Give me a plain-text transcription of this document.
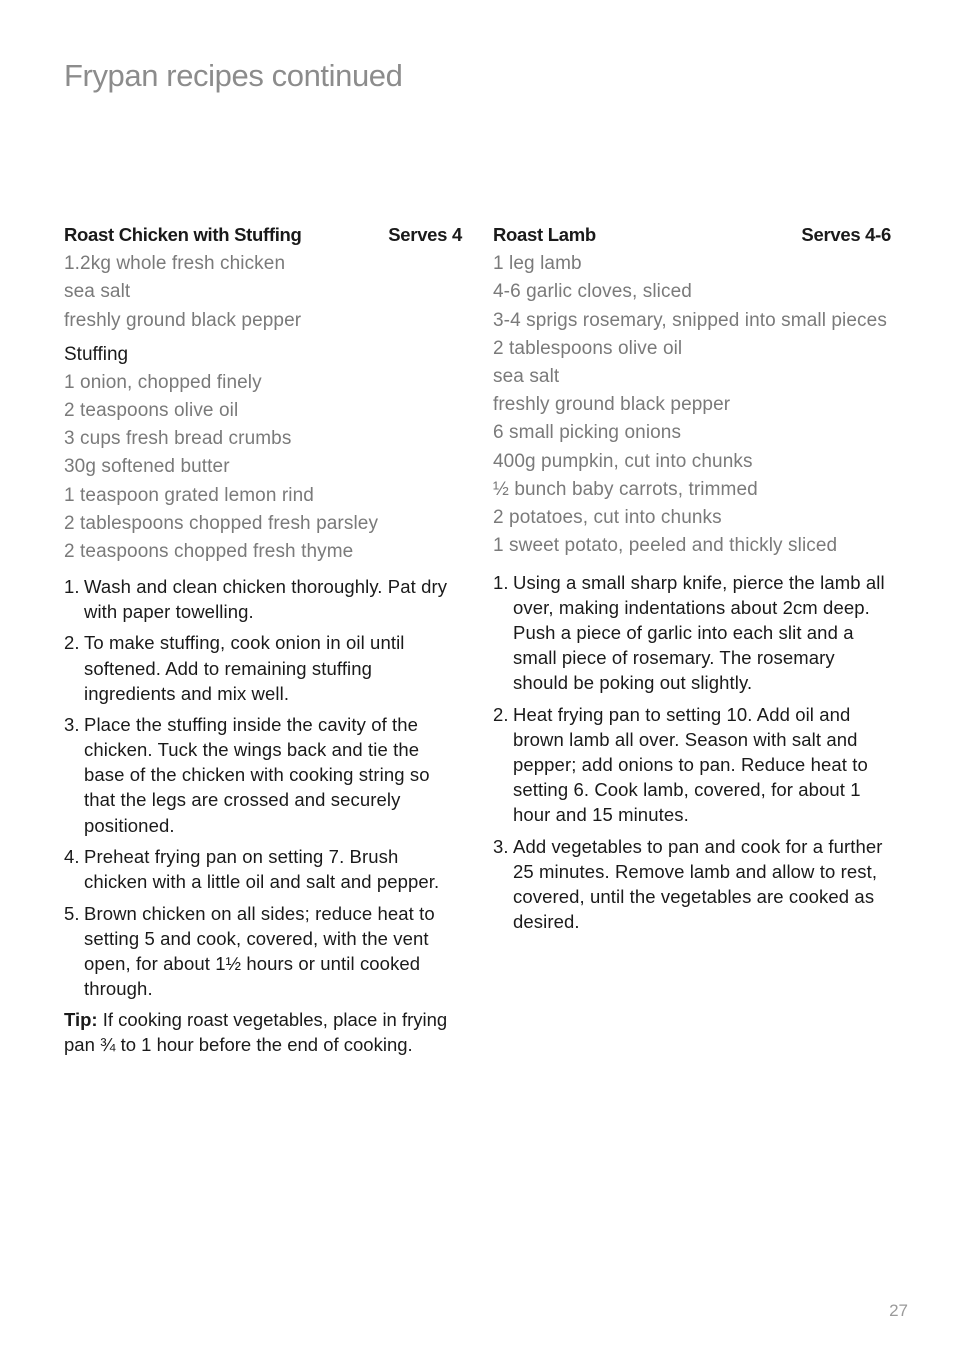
Frypan recipes continued
Roast Chicken with Stuffing	Serves 4
1.2kg whole fresh chicken
sea salt
freshly ground black pepper
Stuffing
1 onion, chopped finely
2 teaspoons olive oil
3 cups fresh bread crumbs
30g softened butter
1 teaspoon grated lemon rind
2 tablespoons chopped fresh parsley
2 teaspoons chopped fresh thyme
1. Wash and clean chicken thoroughly. Pat dry with paper towelling.
2. To make stuffing, cook onion in oil until softened. Add to remaining stuffing ingredients and mix well.
3. Place the stuffing inside the cavity of the chicken. Tuck the wings back and tie the base of the chicken with cooking string so that the legs are crossed and securely positioned.
4. Preheat frying pan on setting 7. Brush chicken with a little oil and salt and pepper.
5. Brown chicken on all sides; reduce heat to setting 5 and cook, covered, with the vent open, for about 1½ hours or until cooked through.

Tip: If cooking roast vegetables, place in frying pan ¾ to 1 hour before the end of cooking.

Roast Lamb	Serves 4-6
1 leg lamb
4-6 garlic cloves, sliced
3-4 sprigs rosemary, snipped into small pieces
2 tablespoons olive oil
sea salt
freshly ground black pepper
6 small picking onions
400g pumpkin, cut into chunks
½ bunch baby carrots, trimmed
2 potatoes, cut into chunks
1 sweet potato, peeled and thickly sliced
1. Using a small sharp knife, pierce the lamb all over, making indentations about 2cm deep. Push a piece of garlic into each slit and a small piece of rosemary. The rosemary should be poking out slightly.
2. Heat frying pan to setting 10. Add oil and brown lamb all over. Season with salt and pepper; add onions to pan. Reduce heat to setting 6. Cook lamb, covered, for about 1 hour and 15 minutes.
3. Add vegetables to pan and cook for a further 25 minutes. Remove lamb and allow to rest, covered, until the vegetables are cooked as desired.
27
